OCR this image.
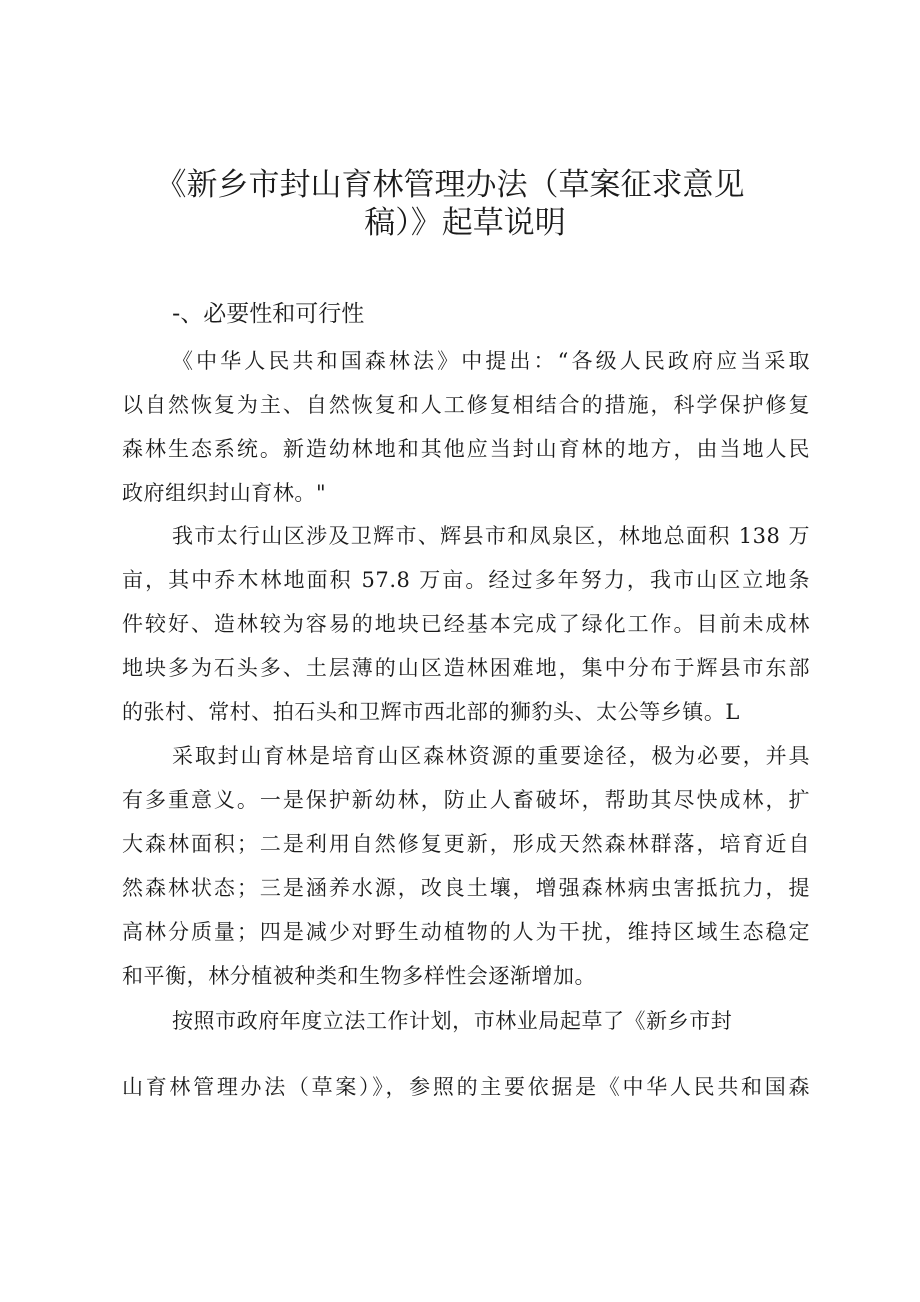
《新乡市封山育林管理办法（草案征求意见
稿）》起草说明
-、必要性和可行性
《中华人民共和国森林法》中提出：“各级人民政府应当采取
以自然恢复为主、自然恢复和人工修复相结合的措施，科学保护修复
森林生态系统。新造幼林地和其他应当封山育林的地方，由当地人民
政府组织封山育林。"
我市太行山区涉及卫辉市、辉县市和凤泉区，林地总面积 138 万
亩，其中乔木林地面积 57.8 万亩。经过多年努力，我市山区立地条
件较好、造林较为容易的地块已经基本完成了绿化工作。目前未成林
地块多为石头多、土层薄的山区造林困难地，集中分布于辉县市东部
的张村、常村、拍石头和卫辉市西北部的狮豹头、太公等乡镇。L
采取封山育林是培育山区森林资源的重要途径，极为必要，并具
有多重意义。一是保护新幼林，防止人畜破坏，帮助其尽快成林，扩
大森林面积；二是利用自然修复更新，形成天然森林群落，培育近自
然森林状态；三是涵养水源，改良土壤，增强森林病虫害抵抗力，提
高林分质量；四是减少对野生动植物的人为干扰，维持区域生态稳定
和平衡，林分植被种类和生物多样性会逐渐增加。
按照市政府年度立法工作计划，市林业局起草了《新乡市封
山育林管理办法（草案）》，参照的主要依据是《中华人民共和国森
